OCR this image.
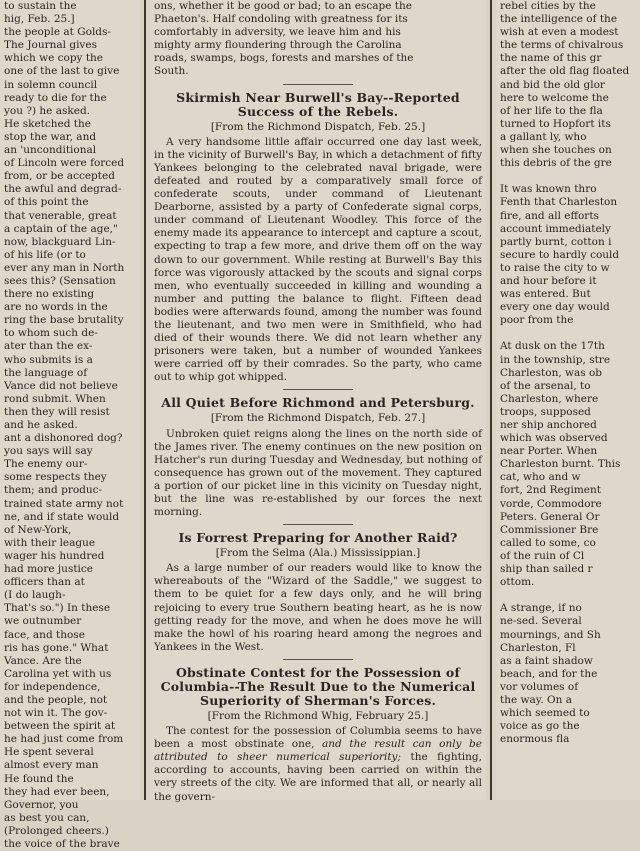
to sustain the
hig, Feb. 25.]
the people at Golds-
The Journal gives
which we copy the
one of the last to give
in solemn council
ready to die for the
you ?) he asked.
He sketched the
stop the war, and
an 'unconditional
of Lincoln were forced
from, or be accepted
the awful and degrad-
of this point the
that venerable, great
a captain of the age,"
now, blackguard Lin-
of his life (or to
ever any man in North
sees this? (Sensation
there no existing
are no words in the
ring the base brutality
to whom such de-
ater than the ex-
who submits is a
the language of
Vance did not believe
rond submit. When
then they will resist
and he asked.
ant a dishonored dog?
you says will say
The enemy our-
some respects they
them; and produc-
trained state army not
ne, and if state would
of New-York,
with their league
wager his hundred
had more justice
officers than at
(I do laugh-
That's so.") In these
we outnumber
face, and those
ris has gone." What
Vance. Are the
Carolina yet with us
for independence,
and the people, not
not win it. The gov-
between the spirit at
he had just come from
He spent several
almost every man
He found the
they had ever been,
Governor, you
as best you can,
(Prolonged cheers.)
the voice of the brave

ons, whether it be good or bad; to an escape the
Phaeton's. Half condoling with greatness for its
comfortably in adversity, we leave him and his
mighty army floundering through the Carolina
roads, swamps, bogs, forests and marshes of the
South.

Skirmish Near Burwell's Bay--Reported Success of the Rebels.
[From the Richmond Dispatch, Feb. 25.]

A very handsome little affair occurred one day last week, in the vicinity of Burwell's Bay, in which a detachment of fifty Yankees belonging to the celebrated naval brigade, were defeated and routed by a comparatively small force of confederate scouts, under command of Lieutenant Dearborne, assisted by a party of Confederate signal corps, under command of Lieutenant Woodley. This force of the enemy made its appearance to intercept and capture a scout, expecting to trap a few more, and drive them off on the way down to our government. While resting at Burwell's Bay this force was vigorously attacked by the scouts and signal corps men, who eventually succeeded in killing and wounding a number and putting the balance to flight. Fifteen dead bodies were afterwards found, among the number was found the lieutenant, and two men were in Smithfield, who had died of their wounds there. We did not learn whether any prisoners were taken, but a number of wounded Yankees were carried off by their comrades. So the party, who came out to whip got whipped.

All Quiet Before Richmond and Petersburg.
[From the Richmond Dispatch, Feb. 27.]

Unbroken quiet reigns along the lines on the north side of the James river. The enemy continues on the new position on Hatcher's run during Tuesday and Wednesday, but nothing of consequence has grown out of the movement. They captured a portion of our picket line in this vicinity on Tuesday night, but the line was re-established by our forces the next morning.

Is Forrest Preparing for Another Raid?
[From the Selma (Ala.) Mississippian.]

As a large number of our readers would like to know the whereabouts of the "Wizard of the Saddle," we suggest to them to be quiet for a few days only, and he will bring rejoicing to every true Southern beating heart, as he is now getting ready for the move, and when he does move he will make the howl of his roaring heard among the negroes and Yankees in the West.

Obstinate Contest for the Possession of Columbia--The Result Due to the Numerical Superiority of Sherman's Forces.
[From the Richmond Whig, February 25.]

The contest for the possession of Columbia seems to have been a most obstinate one, and the result can only be attributed to sheer numerical superiority; the fighting, according to accounts, having been carried on within the very streets of the city. We are informed that all, or nearly all the govern-

rebel cities by the
the intelligence of the
wish at even a modest
the terms of chivalrous
the name of this gr
after the old flag floated
and bid the old glor
here to welcome the
of her life to the fla
turned to Hopfort its
a gallant ly, who
when she touches on
this debris of the gre

It was known thro
Fenth that Charleston
fire, and all efforts
account immediately
partly burnt, cotton i
secure to hardly could
to raise the city to w
and hour before it
was entered. But
every one day would
poor from the

At dusk on the 17th
in the township, stre
Charleston, was ob
of the arsenal, to
Charleston, where
troops, supposed
ner ship anchored
which was observed
near Porter. When
Charleston burnt. This
cat, who and w
fort, 2nd Regiment
vorde, Commodore
Peters. General Or
Commissioner Bre
called to some, co
of the ruin of Cl
ship than sailed r
ottom.

A strange, if no
ne-sed. Several
mournings, and Sh
Charleston, Fl
as a faint shadow
beach, and for the
vor volumes of
the way. On a
which seemed to
voice as go the
enormous fla
